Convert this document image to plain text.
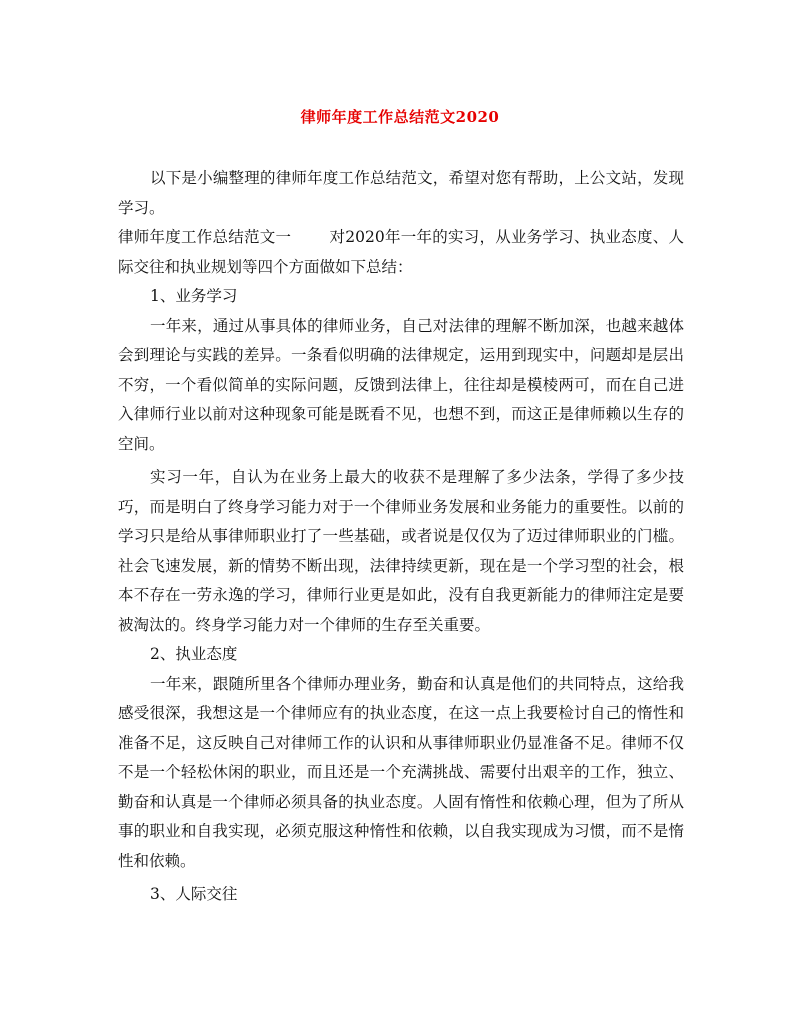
律师年度工作总结范文2020

以下是小编整理的律师年度工作总结范文，希望对您有帮助，上公文站，发现学习。

律师年度工作总结范文一 对2020年一年的实习，从业务学习、执业态度、人际交往和执业规划等四个方面做如下总结：

1、业务学习

一年来，通过从事具体的律师业务，自己对法律的理解不断加深，也越来越体会到理论与实践的差异。一条看似明确的法律规定，运用到现实中，问题却是层出不穷，一个看似简单的实际问题，反馈到法律上，往往却是模棱两可，而在自己进入律师行业以前对这种现象可能是既看不见，也想不到，而这正是律师赖以生存的空间。

实习一年，自认为在业务上最大的收获不是理解了多少法条，学得了多少技巧，而是明白了终身学习能力对于一个律师业务发展和业务能力的重要性。以前的学习只是给从事律师职业打了一些基础，或者说是仅仅为了迈过律师职业的门槛。社会飞速发展，新的情势不断出现，法律持续更新，现在是一个学习型的社会，根本不存在一劳永逸的学习，律师行业更是如此，没有自我更新能力的律师注定是要被淘汰的。终身学习能力对一个律师的生存至关重要。

2、执业态度

一年来，跟随所里各个律师办理业务，勤奋和认真是他们的共同特点，这给我感受很深，我想这是一个律师应有的执业态度，在这一点上我要检讨自己的惰性和准备不足，这反映自己对律师工作的认识和从事律师职业仍显准备不足。律师不仅不是一个轻松休闲的职业，而且还是一个充满挑战、需要付出艰辛的工作，独立、勤奋和认真是一个律师必须具备的执业态度。人固有惰性和依赖心理，但为了所从事的职业和自我实现，必须克服这种惰性和依赖，以自我实现成为习惯，而不是惰性和依赖。

3、人际交往
